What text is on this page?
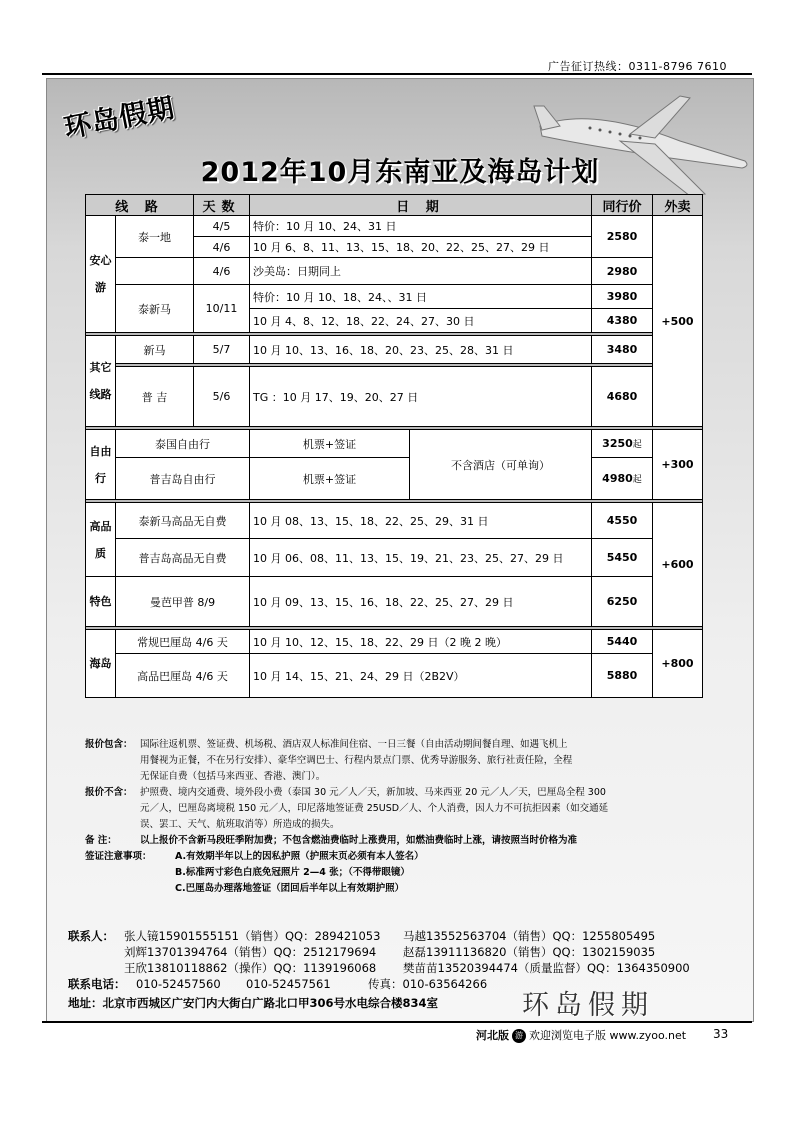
广告征订热线：0311-8796 7610
环岛假期
2012年10月东南亚及海岛计划
线 路		天数	日 期		同行价	外卖
安心游	泰一地	4/5	特价：10 月 10、24、31 日		2580	+500
		4/6	10 月 6、8、11、13、15、18、20、22、25、27、29 日			
		4/6	沙美岛：日期同上		2980	
	泰新马	10/11	特价：10 月 10、18、24、、31 日		3980	
			10 月 4、8、12、18、22、24、27、30 日		4380	

其它线路	新马	5/7	10 月 10、13、16、18、20、23、25、28、31 日		3480	

	普 吉	5/6	TG ：10 月 17、19、20、27 日		4680	

自由行	泰国自由行		机票+签证	不含酒店（可单询）	3250起	+300
	普吉岛自由行		机票+签证		4980起	

高品质	泰新马高品无自费		10 月 08、13、15、18、22、25、29、31 日		4550	+600
	普吉岛高品无自费		10 月 06、08、11、13、15、19、21、23、25、27、29 日		5450	
特色	曼芭甲普 8/9		10 月 09、13、15、16、18、22、25、27、29 日		6250	

海岛	常规巴厘岛 4/6 天		10 月 10、12、15、18、22、29 日（2 晚 2 晚）		5440	+800
	高品巴厘岛 4/6 天		10 月 14、15、21、24、29 日（2B2V）		5880	
报价包含： 国际往返机票、签证费、机场税、酒店双人标准间住宿、一日三餐（自由活动期间餐自理、如遇飞机上
用餐视为正餐，不在另行安排）、豪华空调巴士、行程内景点门票、优秀导游服务、旅行社责任险，全程
无保证自费（包括马来西亚、香港、澳门）。
报价不含： 护照费、境内交通费、境外段小费（泰国 30 元／人／天，新加坡、马来西亚 20 元／人／天，巴厘岛全程 300
元／人，巴厘岛离境税 150 元／人，印尼落地签证费 25USD／人、个人消费，因人力不可抗拒因素（如交通延
误、罢工、天气、航班取消等）所造成的损失。
备 注：	以上报价不含新马段旺季附加费；不包含燃油费临时上涨费用，如燃油费临时上涨，请按照当时价格为准
签证注意事项：	A.有效期半年以上的因私护照（护照末页必须有本人签名）
B.标准两寸彩色白底免冠照片 2—4 张；（不得带眼镜）
C.巴厘岛办理落地签证（团回后半年以上有效期护照）
联系人： 张人镜15901555151（销售）QQ：289421053 马越13552563704（销售）QQ：1255805495
刘辉13701394764（销售）QQ：2512179694 赵磊13911136820（销售）QQ：1302159035
王欣13810118862（操作）QQ：1139196068 樊苗苗13520394474（质量监督）QQ：1364350900
联系电话： 010-52457560 010-52457561	传真：010-63564266
地址：北京市西城区广安门内大街白广路北口甲306号水电综合楼834室	环岛假期
河北版 游 欢迎浏览电子版 www.zyoo.net 33
